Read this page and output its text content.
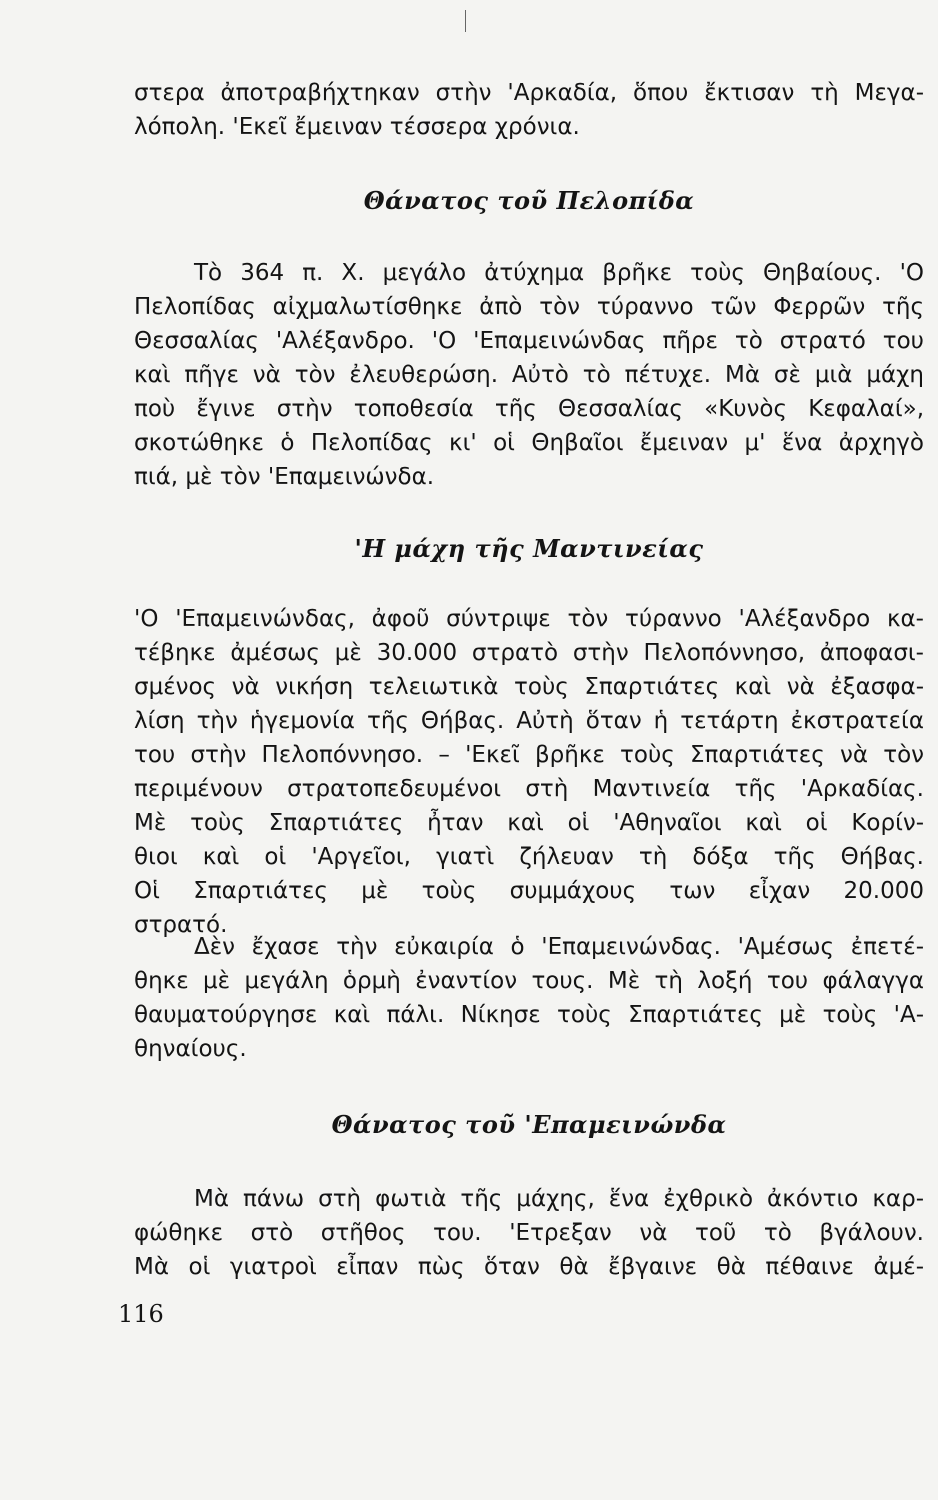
στερα ἀποτραβήχτηκαν στὴν 'Αρκαδία, ὅπου ἔκτισαν τὴ Μεγα-
λόπολη. 'Εκεῖ ἔμειναν τέσσερα χρόνια.
Θάνατος τοῦ Πελοπίδα
Τὸ 364 π. Χ. μεγάλο ἀτύχημα βρῆκε τοὺς Θηβαίους. 'Ο
Πελοπίδας αἰχμαλωτίσθηκε ἀπὸ τὸν τύραννο τῶν Φερρῶν τῆς
Θεσσαλίας 'Αλέξανδρο. 'Ο 'Επαμεινώνδας πῆρε τὸ στρατό του
καὶ πῆγε νὰ τὸν ἐλευθερώση. Αὐτὸ τὸ πέτυχε. Μὰ σὲ μιὰ μάχη
ποὺ ἔγινε στὴν τοποθεσία τῆς Θεσσαλίας «Κυνὸς Κεφαλαί»,
σκοτώθηκε ὁ Πελοπίδας κι' οἱ Θηβαῖοι ἔμειναν μ' ἕνα ἀρχηγὸ
πιά, μὲ τὸν 'Επαμεινώνδα.
'Η μάχη τῆς Μαντινείας
'Ο 'Επαμεινώνδας, ἀφοῦ σύντριψε τὸν τύραννο 'Αλέξανδρο κα-
τέβηκε ἀμέσως μὲ 30.000 στρατὸ στὴν Πελοπόννησο, ἀποφασι-
σμένος νὰ νικήση τελειωτικὰ τοὺς Σπαρτιάτες καὶ νὰ ἐξασφα-
λίση τὴν ἡγεμονία τῆς Θήβας. Αὐτὴ ὅταν ἡ τετάρτη ἐκστρατεία
του στὴν Πελοπόννησο. – 'Εκεῖ βρῆκε τοὺς Σπαρτιάτες νὰ τὸν
περιμένουν στρατοπεδευμένοι στὴ Μαντινεία τῆς 'Αρκαδίας.
Μὲ τοὺς Σπαρτιάτες ἦταν καὶ οἱ 'Αθηναῖοι καὶ οἱ Κορίν-
θιοι καὶ οἱ 'Αργεῖοι, γιατὶ ζήλευαν τὴ δόξα τῆς Θήβας.
Οἱ Σπαρτιάτες μὲ τοὺς συμμάχους των εἶχαν 20.000
στρατό.
Δὲν ἔχασε τὴν εὐκαιρία ὁ 'Επαμεινώνδας. 'Αμέσως ἐπετέ-
θηκε μὲ μεγάλη ὁρμὴ ἐναντίον τους. Μὲ τὴ λοξή του φάλαγγα
θαυματούργησε καὶ πάλι. Νίκησε τοὺς Σπαρτιάτες μὲ τοὺς 'Α-
θηναίους.
Θάνατος τοῦ 'Επαμεινώνδα
Μὰ πάνω στὴ φωτιὰ τῆς μάχης, ἕνα ἐχθρικὸ ἀκόντιο καρ-
φώθηκε στὸ στῆθος του. 'Ετρεξαν νὰ τοῦ τὸ βγάλουν.
Μὰ οἱ γιατροὶ εἶπαν πὼς ὅταν θὰ ἔβγαινε θὰ πέθαινε ἀμέ-
116
